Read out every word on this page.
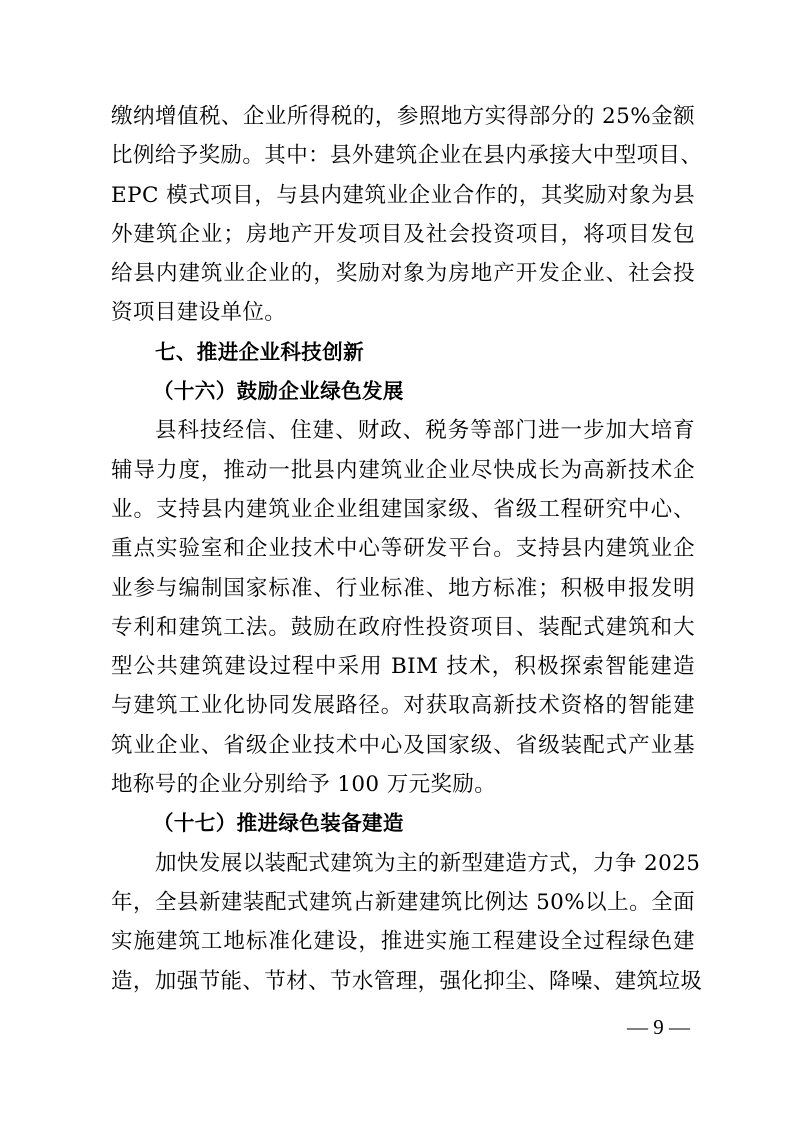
缴纳增值税、企业所得税的，参照地方实得部分的 25%金额
比例给予奖励。其中：县外建筑企业在县内承接大中型项目、
EPC 模式项目，与县内建筑业企业合作的，其奖励对象为县
外建筑企业；房地产开发项目及社会投资项目，将项目发包
给县内建筑业企业的，奖励对象为房地产开发企业、社会投
资项目建设单位。
七、推进企业科技创新
（十六）鼓励企业绿色发展
县科技经信、住建、财政、税务等部门进一步加大培育
辅导力度，推动一批县内建筑业企业尽快成长为高新技术企
业。支持县内建筑业企业组建国家级、省级工程研究中心、
重点实验室和企业技术中心等研发平台。支持县内建筑业企
业参与编制国家标准、行业标准、地方标准；积极申报发明
专利和建筑工法。鼓励在政府性投资项目、装配式建筑和大
型公共建筑建设过程中采用 BIM 技术，积极探索智能建造
与建筑工业化协同发展路径。对获取高新技术资格的智能建
筑业企业、省级企业技术中心及国家级、省级装配式产业基
地称号的企业分别给予 100 万元奖励。
（十七）推进绿色装备建造
加快发展以装配式建筑为主的新型建造方式，力争 2025
年，全县新建装配式建筑占新建建筑比例达 50%以上。全面
实施建筑工地标准化建设，推进实施工程建设全过程绿色建
造，加强节能、节材、节水管理，强化抑尘、降噪、建筑垃圾
— 9 —
